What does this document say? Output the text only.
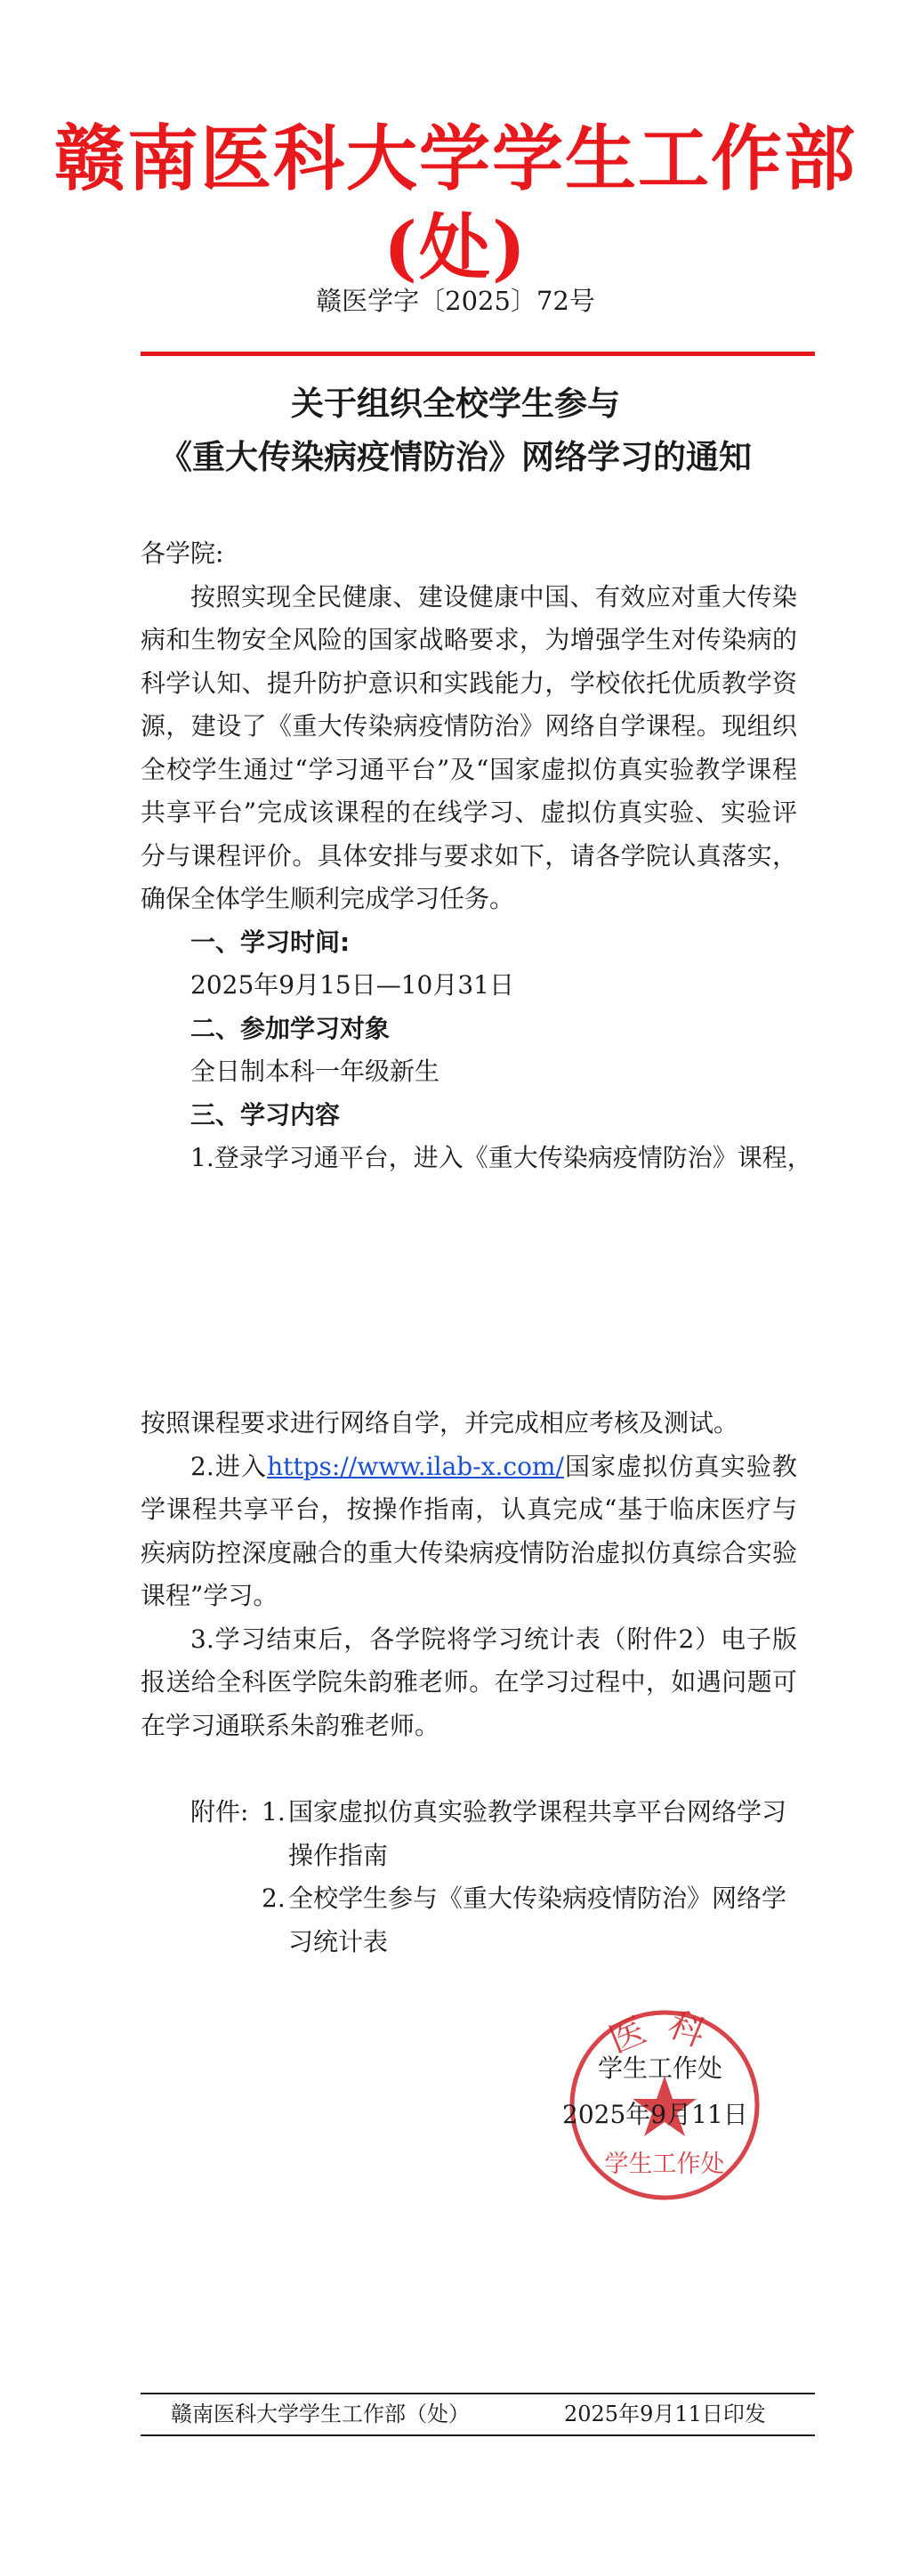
赣南医科大学学生工作部(处)
赣医学字〔2025〕72号
关于组织全校学生参与
《重大传染病疫情防治》网络学习的通知
各学院:

按照实现全民健康、建设健康中国、有效应对重大传染病和生物安全风险的国家战略要求，为增强学生对传染病的科学认知、提升防护意识和实践能力，学校依托优质教学资源，建设了《重大传染病疫情防治》网络自学课程。现组织全校学生通过“学习通平台”及“国家虚拟仿真实验教学课程共享平台”完成该课程的在线学习、虚拟仿真实验、实验评分与课程评价。具体安排与要求如下，请各学院认真落实，确保全体学生顺利完成学习任务。

一、学习时间:
2025年9月15日—10月31日
二、参加学习对象
全日制本科一年级新生
三、学习内容
1.登录学习通平台，进入《重大传染病疫情防治》课程，
按照课程要求进行网络自学，并完成相应考核及测试。

2.进入https://www.ilab-x.com/国家虚拟仿真实验教学课程共享平台，按操作指南，认真完成“基于临床医疗与疾病防控深度融合的重大传染病疫情防治虚拟仿真综合实验课程”学习。

3.学习结束后，各学院将学习统计表（附件2）电子版报送给全科医学院朱韵雅老师。在学习过程中，如遇问题可在学习通联系朱韵雅老师。

附件: 1. 国家虚拟仿真实验教学课程共享平台网络学习操作指南
2. 全校学生参与《重大传染病疫情防治》网络学习统计表
医科
学生工作处
学生工作处
2025年9月11日
赣南医科大学学生工作部（处）	2025年9月11日印发
